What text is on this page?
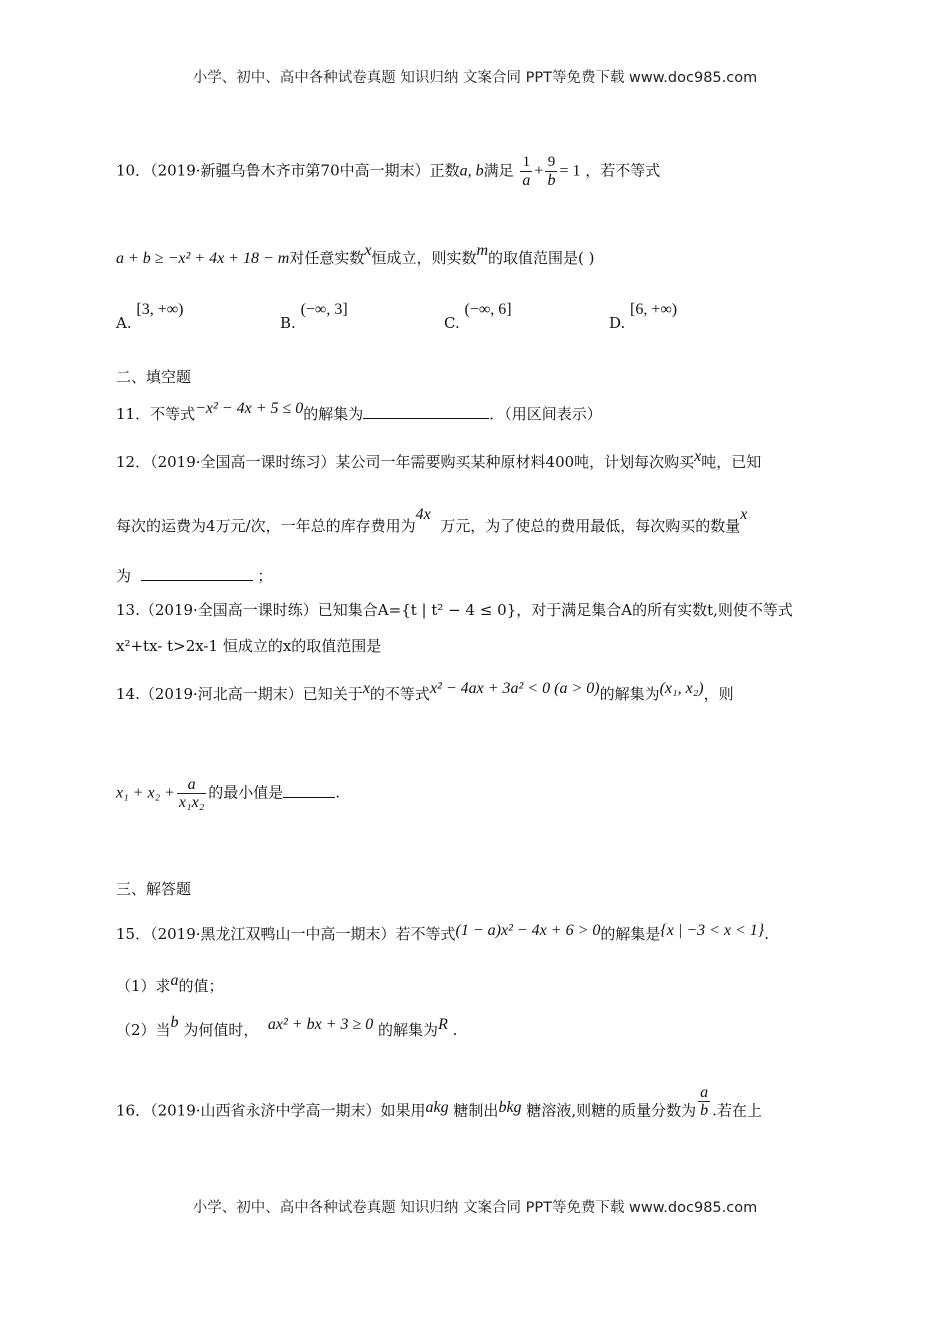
小学、初中、高中各种试卷真题 知识归纳 文案合同 PPT等免费下载 www.doc985.com
10．（2019·新疆乌鲁木齐市第70中高一期末）正数a, b满足 $\frac{1}{a} + \frac{9}{b} = 1$ ，若不等式
a + b ≥ −x² + 4x + 18 − m对任意实数x恒成立，则实数m的取值范围是( )
A. [3, +∞)
B. (−∞, 3]
C. (−∞, 6]
D. [6, +∞)
二、填空题
11．不等式−x² − 4x + 5 ≤ 0的解集为	．（用区间表示）
12．（2019·全国高一课时练习）某公司一年需要购买某种原材料400吨，计划每次购买x吨，已知
每次的运费为4万元/次，一年总的库存费用为4x  万元，为了使总的费用最低，每次购买的数量x
为	；
13.（2019·全国高一课时练）已知集合A={t | t² − 4 ≤ 0}，对于满足集合A的所有实数t,则使不等式
x²+tx- t>2x-1 恒成立的x的取值范围是
14.（2019·河北高一期末）已知关于x的不等式x² − 4ax + 3a² < 0 (a > 0)的解集为(x₁, x₂)，则
$x_1 + x_2 + \frac{a}{\text{x₁x₂}}$ 的最小值是	.
三、解答题
15．（2019·黑龙江双鸭山一中高一期末）若不等式(1 − a)x² − 4x + 6 > 0的解集是{x | −3 < x < 1}.
（1）求a的值；
（2）当b 为何值时， ax² + bx + 3 ≥ 0 的解集为R .
16．（2019·山西省永济中学高一期末）如果用akg 糖制出bkg 糖溶液,则糖的质量分数为 $\frac{a}{b}$ .若在上
小学、初中、高中各种试卷真题 知识归纳 文案合同 PPT等免费下载 www.doc985.com
